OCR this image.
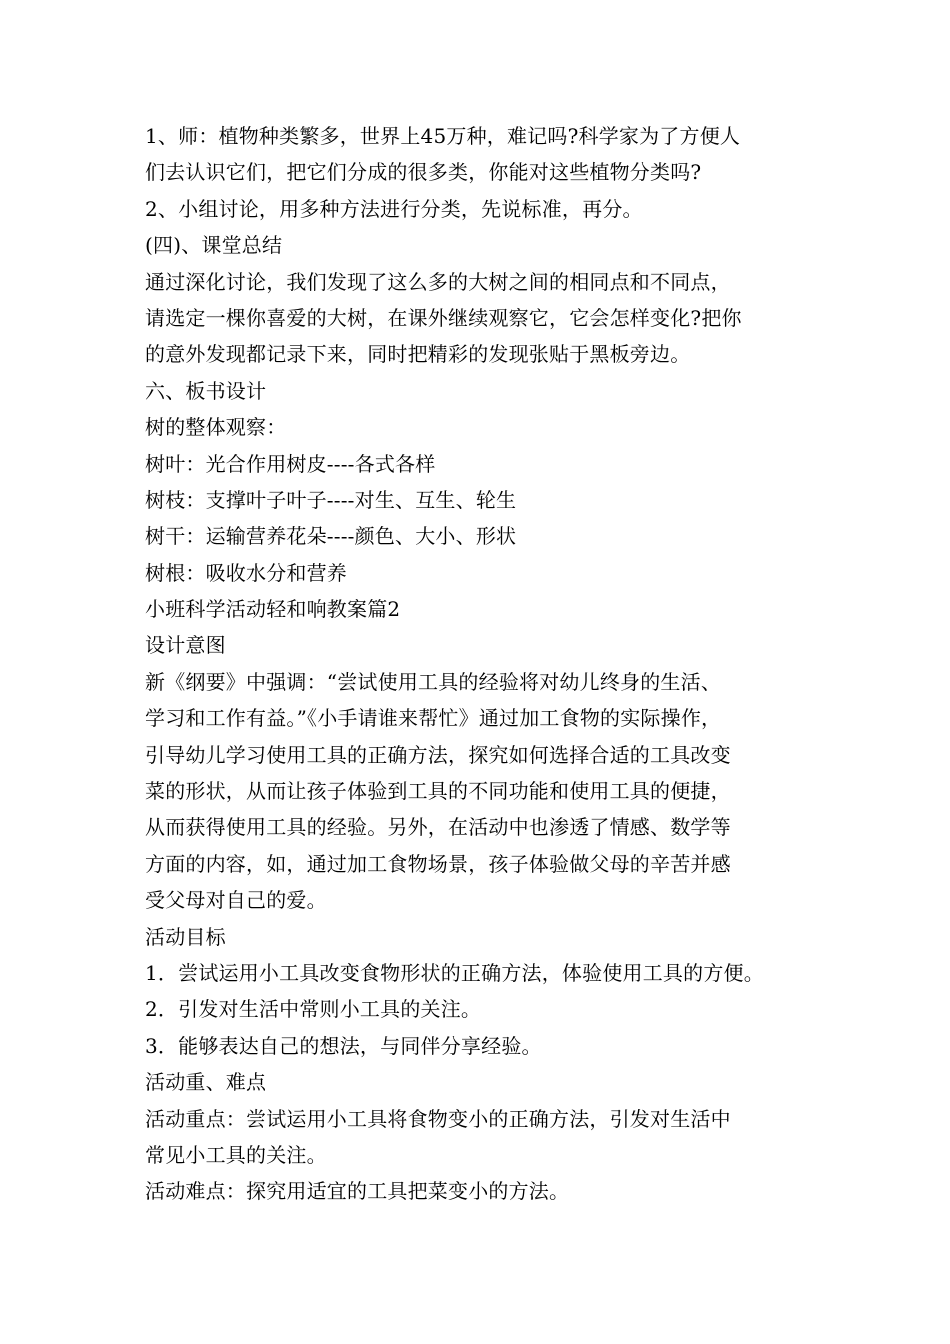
1、师：植物种类繁多，世界上45万种，难记吗?科学家为了方便人
们去认识它们，把它们分成的很多类，你能对这些植物分类吗?
2、小组讨论，用多种方法进行分类，先说标准，再分。
(四)、课堂总结
通过深化讨论，我们发现了这么多的大树之间的相同点和不同点，
请选定一棵你喜爱的大树，在课外继续观察它，它会怎样变化?把你
的意外发现都记录下来，同时把精彩的发现张贴于黑板旁边。
六、板书设计
树的整体观察：
树叶：光合作用树皮----各式各样
树枝：支撑叶子叶子----对生、互生、轮生
树干：运输营养花朵----颜色、大小、形状
树根：吸收水分和营养
小班科学活动轻和响教案篇2
设计意图
新《纲要》中强调：“尝试使用工具的经验将对幼儿终身的生活、
学习和工作有益。”《小手请谁来帮忙》通过加工食物的实际操作，
引导幼儿学习使用工具的正确方法，探究如何选择合适的工具改变
菜的形状，从而让孩子体验到工具的不同功能和使用工具的便捷，
从而获得使用工具的经验。另外，在活动中也渗透了情感、数学等
方面的内容，如，通过加工食物场景，孩子体验做父母的辛苦并感
受父母对自己的爱。
活动目标
1．尝试运用小工具改变食物形状的正确方法，体验使用工具的方便。
2．引发对生活中常则小工具的关注。
3．能够表达自己的想法，与同伴分享经验。
活动重、难点
活动重点：尝试运用小工具将食物变小的正确方法，引发对生活中
常见小工具的关注。
活动难点：探究用适宜的工具把菜变小的方法。
